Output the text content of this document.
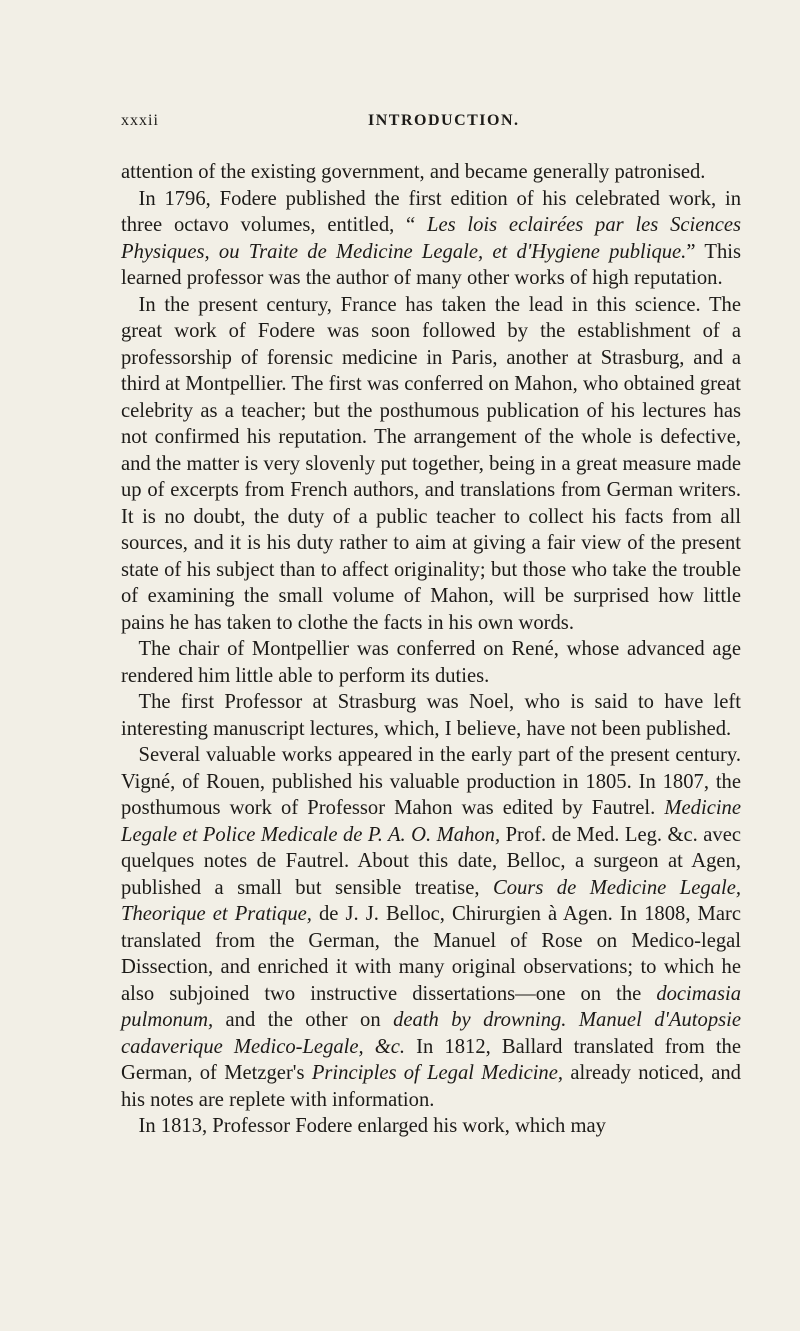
xxxii	INTRODUCTION.

attention of the existing government, and became generally patronised.

In 1796, Fodere published the first edition of his celebrated work, in three octavo volumes, entitled, “ Les lois eclairées par les Sciences Physiques, ou Traite de Medicine Legale, et d'Hygiene publique.” This learned professor was the author of many other works of high reputation.

In the present century, France has taken the lead in this science. The great work of Fodere was soon followed by the establishment of a professorship of forensic medicine in Paris, another at Strasburg, and a third at Montpellier. The first was conferred on Mahon, who obtained great celebrity as a teacher; but the posthumous publication of his lectures has not confirmed his reputation. The arrangement of the whole is defective, and the matter is very slovenly put together, being in a great measure made up of excerpts from French authors, and translations from German writers. It is no doubt, the duty of a public teacher to collect his facts from all sources, and it is his duty rather to aim at giving a fair view of the present state of his subject than to affect originality; but those who take the trouble of examining the small volume of Mahon, will be surprised how little pains he has taken to clothe the facts in his own words.

The chair of Montpellier was conferred on René, whose advanced age rendered him little able to perform its duties.

The first Professor at Strasburg was Noel, who is said to have left interesting manuscript lectures, which, I believe, have not been published.

Several valuable works appeared in the early part of the present century. Vigné, of Rouen, published his valuable production in 1805. In 1807, the posthumous work of Professor Mahon was edited by Fautrel. Medicine Legale et Police Medicale de P. A. O. Mahon, Prof. de Med. Leg. &c. avec quelques notes de Fautrel. About this date, Belloc, a surgeon at Agen, published a small but sensible treatise, Cours de Medicine Legale, Theorique et Pratique, de J. J. Belloc, Chirurgien à Agen. In 1808, Marc translated from the German, the Manuel of Rose on Medico-legal Dissection, and enriched it with many original observations; to which he also subjoined two instructive dissertations—one on the docimasia pulmonum, and the other on death by drowning. Manuel d'Autopsie cadaverique Medico-Legale, &c. In 1812, Ballard translated from the German, of Metzger's Principles of Legal Medicine, already noticed, and his notes are replete with information.

In 1813, Professor Fodere enlarged his work, which may
